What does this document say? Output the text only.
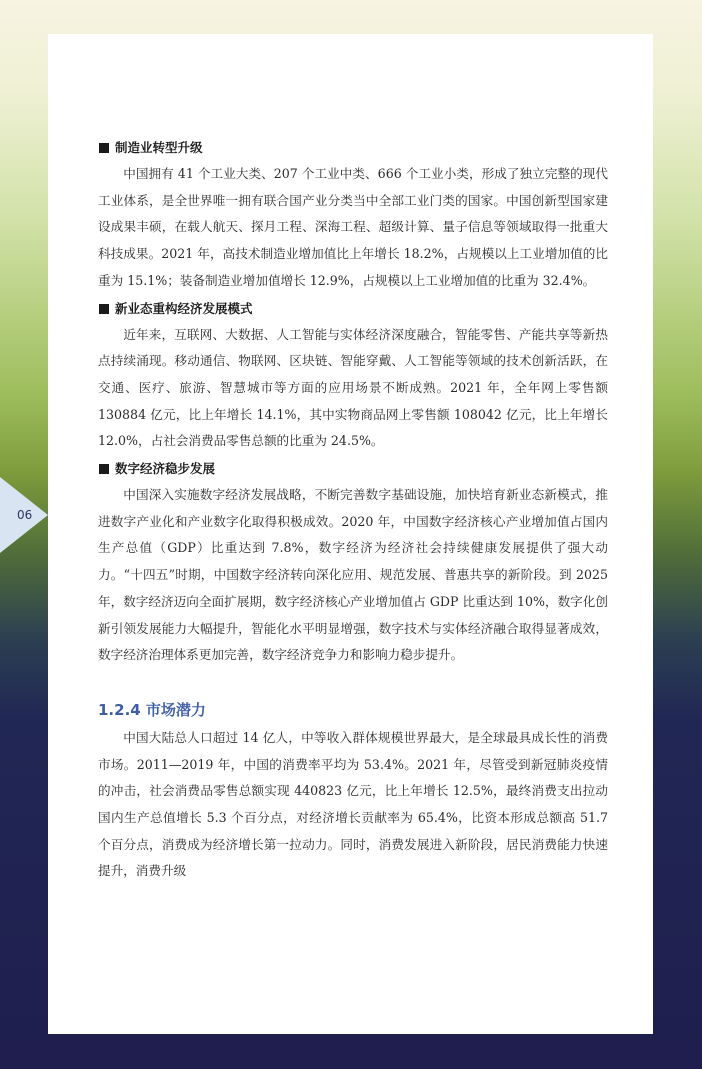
制造业转型升级

中国拥有 41 个工业大类、207 个工业中类、666 个工业小类，形成了独立完整的现代工业体系，是全世界唯一拥有联合国产业分类当中全部工业门类的国家。中国创新型国家建设成果丰硕，在载人航天、探月工程、深海工程、超级计算、量子信息等领域取得一批重大科技成果。2021 年，高技术制造业增加值比上年增长 18.2%，占规模以上工业增加值的比重为 15.1%；装备制造业增加值增长 12.9%，占规模以上工业增加值的比重为 32.4%。

新业态重构经济发展模式

近年来，互联网、大数据、人工智能与实体经济深度融合，智能零售、产能共享等新热点持续涌现。移动通信、物联网、区块链、智能穿戴、人工智能等领域的技术创新活跃，在交通、医疗、旅游、智慧城市等方面的应用场景不断成熟。2021 年，全年网上零售额 130884 亿元，比上年增长 14.1%，其中实物商品网上零售额 108042 亿元，比上年增长 12.0%，占社会消费品零售总额的比重为 24.5%。

数字经济稳步发展

中国深入实施数字经济发展战略，不断完善数字基础设施，加快培育新业态新模式，推进数字产业化和产业数字化取得积极成效。2020 年，中国数字经济核心产业增加值占国内生产总值（GDP）比重达到 7.8%，数字经济为经济社会持续健康发展提供了强大动力。“十四五”时期，中国数字经济转向深化应用、规范发展、普惠共享的新阶段。到 2025 年，数字经济迈向全面扩展期，数字经济核心产业增加值占 GDP 比重达到 10%，数字化创新引领发展能力大幅提升，智能化水平明显增强，数字技术与实体经济融合取得显著成效，数字经济治理体系更加完善，数字经济竞争力和影响力稳步提升。

1.2.4 市场潜力

中国大陆总人口超过 14 亿人，中等收入群体规模世界最大，是全球最具成长性的消费市场。2011—2019 年，中国的消费率平均为 53.4%。2021 年，尽管受到新冠肺炎疫情的冲击，社会消费品零售总额实现 440823 亿元，比上年增长 12.5%，最终消费支出拉动国内生产总值增长 5.3 个百分点，对经济增长贡献率为 65.4%，比资本形成总额高 51.7 个百分点，消费成为经济增长第一拉动力。同时，消费发展进入新阶段，居民消费能力快速提升，消费升级

06
